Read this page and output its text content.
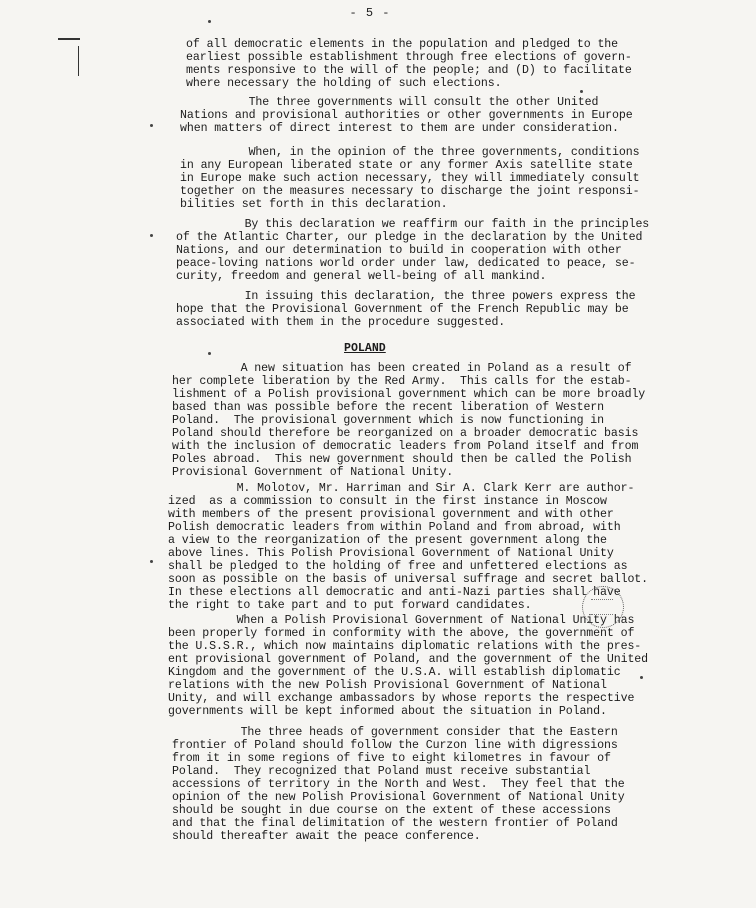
- 5 -

of all democratic elements in the population and pledged to the
earliest possible establishment through free elections of govern-
ments responsive to the will of the people; and (D) to facilitate
where necessary the holding of such elections.

The three governments will consult the other United
Nations and provisional authorities or other governments in Europe
when matters of direct interest to them are under consideration.

When, in the opinion of the three governments, conditions
in any European liberated state or any former Axis satellite state
in Europe make such action necessary, they will immediately consult
together on the measures necessary to discharge the joint responsi-
bilities set forth in this declaration.

By this declaration we reaffirm our faith in the principles
of the Atlantic Charter, our pledge in the declaration by the United
Nations, and our determination to build in cooperation with other
peace-loving nations world order under law, dedicated to peace, se-
curity, freedom and general well-being of all mankind.

In issuing this declaration, the three powers express the
hope that the Provisional Government of the French Republic may be
associated with them in the procedure suggested.

POLAND

A new situation has been created in Poland as a result of
her complete liberation by the Red Army.  This calls for the estab-
lishment of a Polish provisional government which can be more broadly
based than was possible before the recent liberation of Western
Poland.  The provisional government which is now functioning in
Poland should therefore be reorganized on a broader democratic basis
with the inclusion of democratic leaders from Poland itself and from
Poles abroad.  This new government should then be called the Polish
Provisional Government of National Unity.

M. Molotov, Mr. Harriman and Sir A. Clark Kerr are author-
ized  as a commission to consult in the first instance in Moscow
with members of the present provisional government and with other
Polish democratic leaders from within Poland and from abroad, with
a view to the reorganization of the present government along the
above lines. This Polish Provisional Government of National Unity
shall be pledged to the holding of free and unfettered elections as
soon as possible on the basis of universal suffrage and secret ballot.
In these elections all democratic and anti-Nazi parties shall have
the right to take part and to put forward candidates.

When a Polish Provisional Government of National Unity has
been properly formed in conformity with the above, the government of
the U.S.S.R., which now maintains diplomatic relations with the pres-
ent provisional government of Poland, and the government of the United
Kingdom and the government of the U.S.A. will establish diplomatic
relations with the new Polish Provisional Government of National
Unity, and will exchange ambassadors by whose reports the respective
governments will be kept informed about the situation in Poland.

The three heads of government consider that the Eastern
frontier of Poland should follow the Curzon line with digressions
from it in some regions of five to eight kilometres in favour of
Poland.  They recognized that Poland must receive substantial
accessions of territory in the North and West.  They feel that the
opinion of the new Polish Provisional Government of National Unity
should be sought in due course on the extent of these accessions
and that the final delimitation of the western frontier of Poland
should thereafter await the peace conference.
